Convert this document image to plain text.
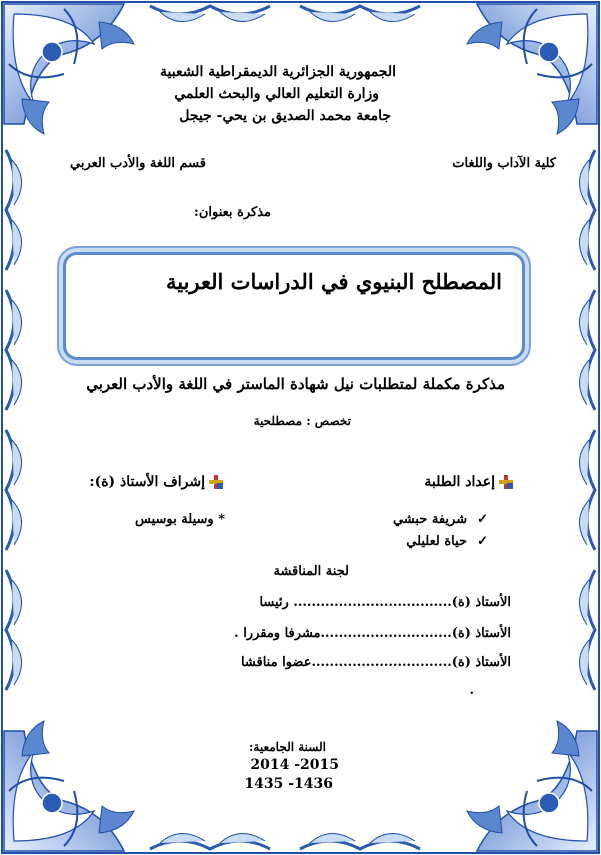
الجمهورية الجزائرية الديمقراطية الشعبية
وزارة التعليم العالي والبحث العلمي
جامعة محمد الصديق بن يحي- جيجل
كلية الآداب واللغات
قسم اللغة والأدب العربي
مذكرة بعنوان:
المصطلح البنيوي في الدراسات العربية
مذكرة مكملة لمتطلبات نيل شهادة الماستر في اللغة والأدب العربي
تخصص : مصطلحية
إعداد الطلبة
✓شريفة حبشي
✓حياة لعليلي
إشراف الأستاذ (ة):
* وسيلة بوسيس
لجنة المناقشة
الأستاذ (ة)................................... رئيسا
الأستاذ (ة).............................مشرفا ومقررا .
الأستاذ (ة)...............................عضوا مناقشا
.
السنة الجامعية:
2014 -2015
1435 -1436
